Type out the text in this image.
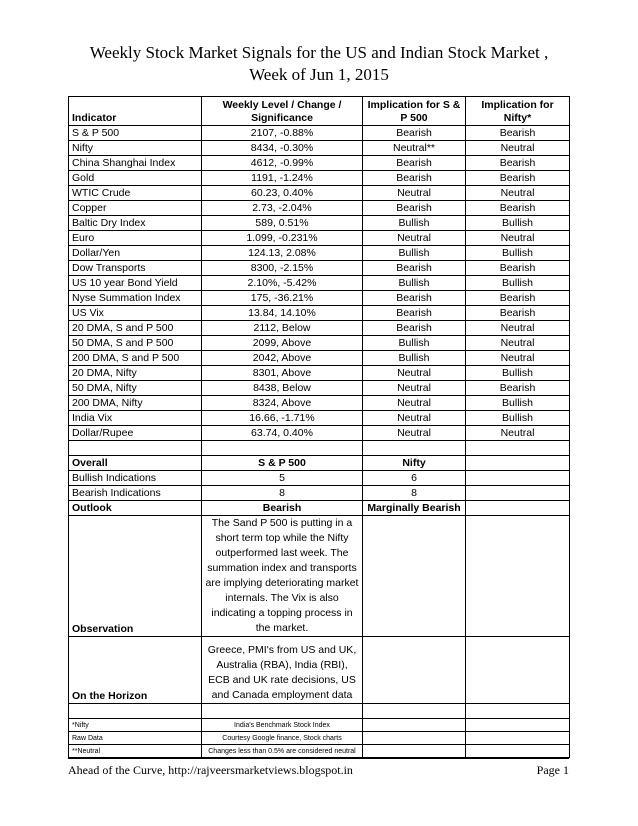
Weekly Stock Market Signals for the US and Indian Stock Market ,
Week of Jun 1, 2015
Indicator	Weekly Level / Change / Significance	Implication for S & P 500	Implication for Nifty*
S & P 500	2107, -0.88%	Bearish	Bearish
Nifty	8434, -0.30%	Neutral**	Neutral
China Shanghai Index	4612, -0.99%	Bearish	Bearish
Gold	1191, -1.24%	Bearish	Bearish
WTIC Crude	60.23, 0.40%	Neutral	Neutral
Copper	2.73, -2.04%	Bearish	Bearish
Baltic Dry Index	589, 0.51%	Bullish	Bullish
Euro	1.099, -0.231%	Neutral	Neutral
Dollar/Yen	124.13, 2.08%	Bullish	Bullish
Dow Transports	8300, -2.15%	Bearish	Bearish
US 10 year Bond Yield	2.10%, -5.42%	Bullish	Bullish
Nyse Summation Index	175, -36.21%	Bearish	Bearish
US Vix	13.84, 14.10%	Bearish	Bearish
20 DMA, S and P 500	2112, Below	Bearish	Neutral
50 DMA, S and P 500	2099, Above	Bullish	Neutral
200 DMA, S and P 500	2042, Above	Bullish	Neutral
20 DMA, Nifty	8301, Above	Neutral	Bullish
50 DMA, Nifty	8438, Below	Neutral	Bearish
200 DMA, Nifty	8324, Above	Neutral	Bullish
India Vix	16.66, -1.71%	Neutral	Bullish
Dollar/Rupee	63.74, 0.40%	Neutral	Neutral

Overall	S & P 500	Nifty	
Bullish Indications	5	6	
Bearish Indications	8	8	
Outlook	Bearish	Marginally Bearish	
Observation	The Sand P 500 is putting in a short term top while the Nifty outperformed last week. The summation index and transports are implying deteriorating market internals. The Vix is also indicating a topping process in the market.		
On the Horizon	Greece, PMI's from US and UK, Australia (RBA), India (RBI), ECB and UK rate decisions, US and Canada employment data		

*Nifty	India's Benchmark Stock Index		
Raw Data	Courtesy Google finance, Stock charts		
**Neutral	Changes less than 0.5% are considered neutral		
Ahead of the Curve, http://rajveersmarketviews.blogspot.in	Page 1
